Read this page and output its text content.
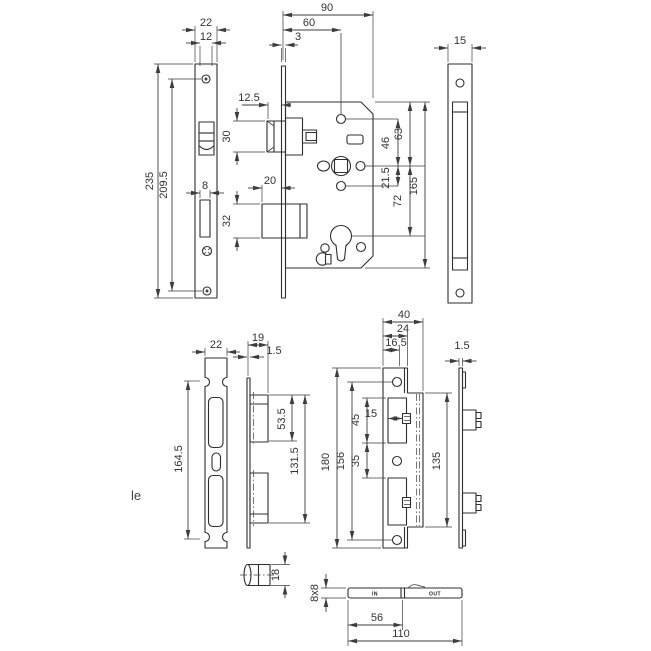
22
12
235 209.5	8
90
60
3
12.5
30
20
32
46
21.5
63
72
165
15
22
164.5
19
1.5
53.5
131.5
40
24
16.5
15
45
35
156
180	135
1.5
18
IN	OUT
8x8
56
110
le
